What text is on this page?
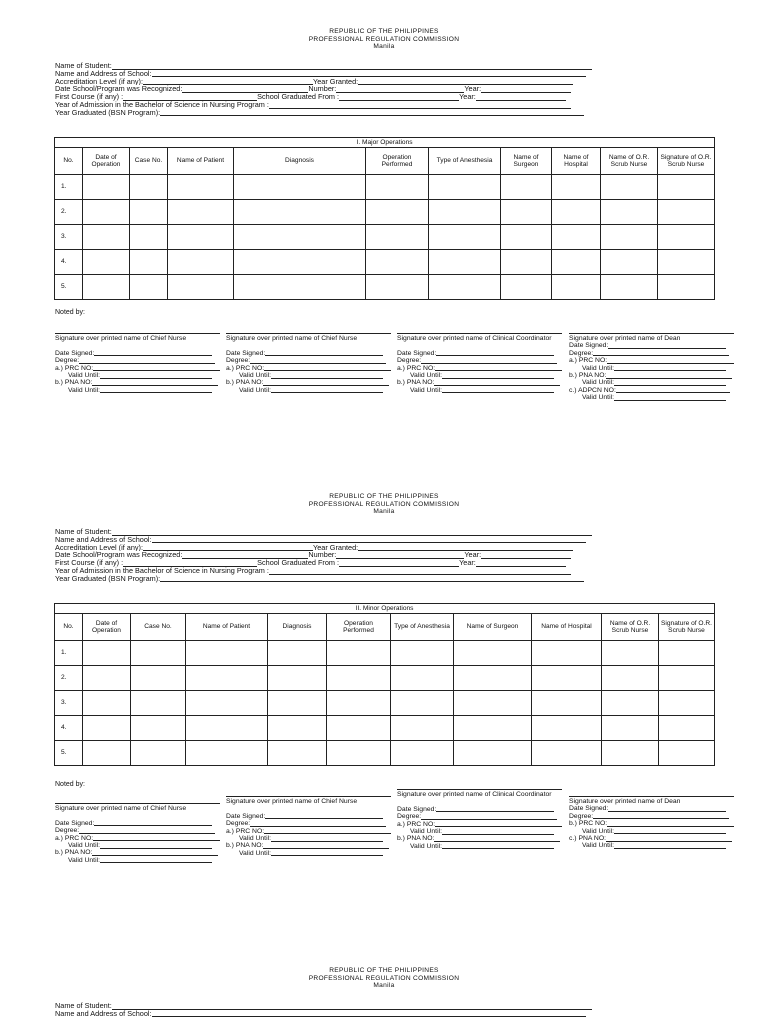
REPUBLIC OF THE PHILIPPINES
PROFESSIONAL REGULATION COMMISSION
Manila
Name of Student:
Name and Address of School:
Accreditation Level (if any):	Year Granted:
Date School/Program was Recognized:	Number:	Year:
First Course (if any) :	School Graduated From :	Year:
Year of Admission in the Bachelor of Science in Nursing Program :
Year Graduated (BSN Program):
I. Major Operations										
No.	Date of Operation	Case No.	Name of Patient	Diagnosis	Operation Performed	Type of Anesthesia	Name of Surgeon	Name of Hospital	Name of O.R. Scrub Nurse	Signature of O.R. Scrub Nurse
1.										
2.										
3.										
4.										
5.										
Noted by:
Signature over printed name of Chief Nurse
Date Signed:
Degree:
a.) PRC NO:
Valid Until:
b.) PNA NO:
Valid Until:
Signature over printed name of Chief Nurse
Date Signed:
Degree:
a.) PRC NO:
Valid Until:
b.) PNA NO:
Valid Until:
Signature over printed name of Clinical Coordinator
Date Signed:
Degree:
a.) PRC NO:
Valid Until:
b.) PNA NO:
Valid Until:
Signature over printed name of Dean
Date Signed:
Degree:
a.) PRC NO:
Valid Until:
b.) PNA NO:
Valid Until:
c.) ADPCN NO:
Valid Until:
REPUBLIC OF THE PHILIPPINES
PROFESSIONAL REGULATION COMMISSION
Manila
Name of Student:
Name and Address of School:
Accreditation Level (if any):	Year Granted:
Date School/Program was Recognized:	Number:	Year:
First Course (if any) :	School Graduated From :	Year:
Year of Admission in the Bachelor of Science in Nursing Program :
Year Graduated (BSN Program):
II. Minor Operations										
No.	Date of Operation	Case No.	Name of Patient	Diagnosis	Operation Performed	Type of Anesthesia	Name of Surgeon	Name of Hospital	Name of O.R. Scrub Nurse	Signature of O.R. Scrub Nurse
1.										
2.										
3.										
4.										
5.										
Noted by:
Signature over printed name of Chief Nurse
Date Signed:
Degree:
a.) PRC NO:
Valid Until:
b.) PNA NO:
Valid Until:
Signature over printed name of Chief Nurse
Date Signed:
Degree:
a.) PRC NO:
Valid Until:
b.) PNA NO:
Valid Until:
Signature over printed name of Clinical Coordinator
Date Signed:
Degree:
a.) PRC NO:
Valid Until:
b.) PNA NO:
Valid Until:
Signature over printed name of Dean
Date Signed:
Degree:
b.) PRC NO:
Valid Until:
c.) PNA NO:
Valid Until:
REPUBLIC OF THE PHILIPPINES
PROFESSIONAL REGULATION COMMISSION
Manila
Name of Student:
Name and Address of School:
